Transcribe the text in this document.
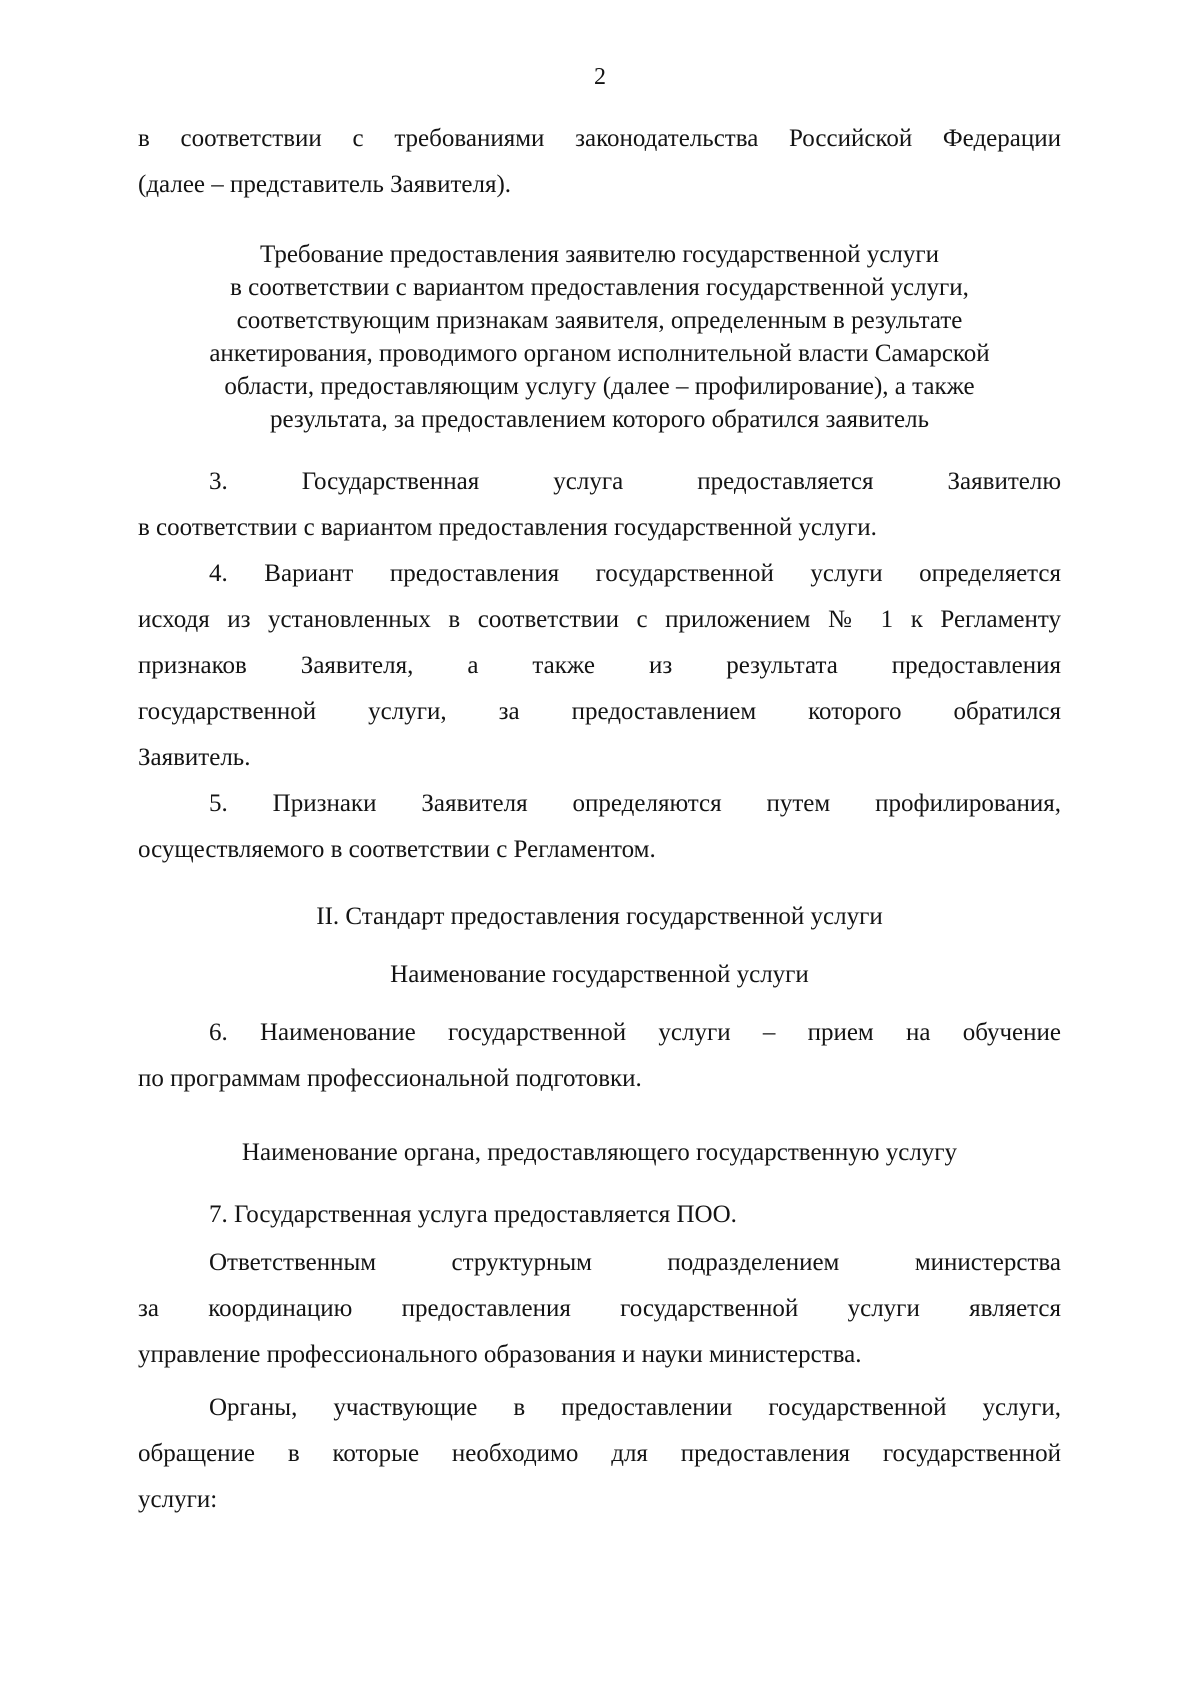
2

в соответствии с требованиями законодательства Российской Федерации

(далее – представитель Заявителя).

Требование предоставления заявителю государственной услуги

в соответствии с вариантом предоставления государственной услуги,

соответствующим признакам заявителя, определенным в результате

анкетирования, проводимого органом исполнительной власти Самарской

области, предоставляющим услугу (далее – профилирование), а также

результата, за предоставлением которого обратился заявитель

3. Государственная услуга предоставляется Заявителю

в соответствии с вариантом предоставления государственной услуги.

4. Вариант предоставления государственной услуги определяется

исходя из установленных в соответствии с приложением № 1 к Регламенту

признаков Заявителя, а также из результата предоставления

государственной услуги, за предоставлением которого обратился

Заявитель.

5. Признаки Заявителя определяются путем профилирования,

осуществляемого в соответствии с Регламентом.

II. Стандарт предоставления государственной услуги
Наименование государственной услуги

6. Наименование государственной услуги – прием на обучение

по программам профессиональной подготовки.

Наименование органа, предоставляющего государственную услугу

7. Государственная услуга предоставляется ПОО.

Ответственным структурным подразделением министерства

за координацию предоставления государственной услуги является

управление профессионального образования и науки министерства.

Органы, участвующие в предоставлении государственной услуги,

обращение в которые необходимо для предоставления государственной

услуги:
